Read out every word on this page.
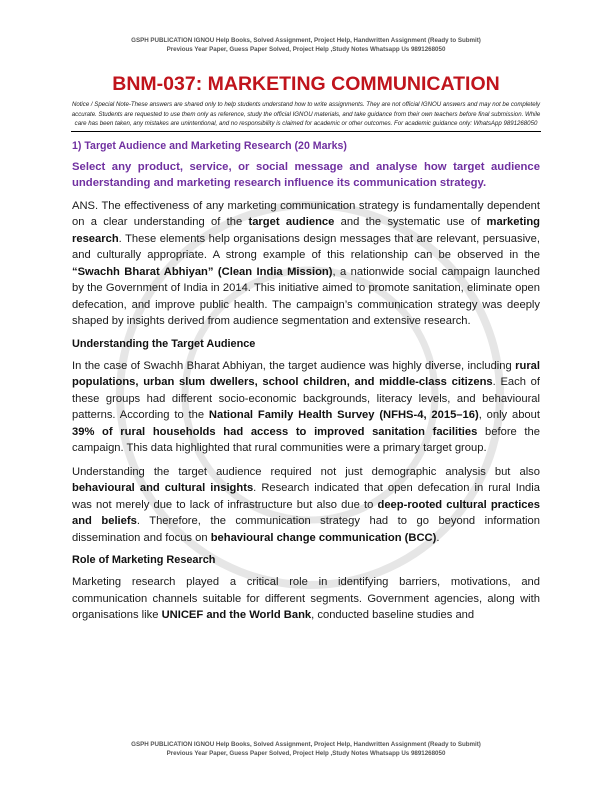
GSPH PUBLICATION IGNOU Help Books, Solved Assignment, Project Help, Handwritten Assignment (Ready to Submit)
Previous Year Paper, Guess Paper Solved, Project Help ,Study Notes Whatsapp Us 9891268050
BNM-037: MARKETING COMMUNICATION

Notice / Special Note-These answers are shared only to help students understand how to write assignments. They are not official IGNOU answers and may not be completely accurate. Students are requested to use them only as reference, study the official IGNOU materials, and take guidance from their own teachers before final submission. While care has been taken, any mistakes are unintentional, and no responsibility is claimed for academic or other outcomes. For academic guidance only: WhatsApp 9891268050

1) Target Audience and Marketing Research (20 Marks)
Select any product, service, or social message and analyse how target audience understanding and marketing research influence its communication strategy.

ANS. The effectiveness of any marketing communication strategy is fundamentally dependent on a clear understanding of the target audience and the systematic use of marketing research. These elements help organisations design messages that are relevant, persuasive, and culturally appropriate. A strong example of this relationship can be observed in the “Swachh Bharat Abhiyan” (Clean India Mission), a nationwide social campaign launched by the Government of India in 2014. This initiative aimed to promote sanitation, eliminate open defecation, and improve public health. The campaign’s communication strategy was deeply shaped by insights derived from audience segmentation and extensive research.

Understanding the Target Audience

In the case of Swachh Bharat Abhiyan, the target audience was highly diverse, including rural populations, urban slum dwellers, school children, and middle-class citizens. Each of these groups had different socio-economic backgrounds, literacy levels, and behavioural patterns. According to the National Family Health Survey (NFHS-4, 2015–16), only about 39% of rural households had access to improved sanitation facilities before the campaign. This data highlighted that rural communities were a primary target group.

Understanding the target audience required not just demographic analysis but also behavioural and cultural insights. Research indicated that open defecation in rural India was not merely due to lack of infrastructure but also due to deep-rooted cultural practices and beliefs. Therefore, the communication strategy had to go beyond information dissemination and focus on behavioural change communication (BCC).

Role of Marketing Research

Marketing research played a critical role in identifying barriers, motivations, and communication channels suitable for different segments. Government agencies, along with organisations like UNICEF and the World Bank, conducted baseline studies and

GSPH PUBLICATION IGNOU Help Books, Solved Assignment, Project Help, Handwritten Assignment (Ready to Submit)
Previous Year Paper, Guess Paper Solved, Project Help ,Study Notes Whatsapp Us 9891268050
